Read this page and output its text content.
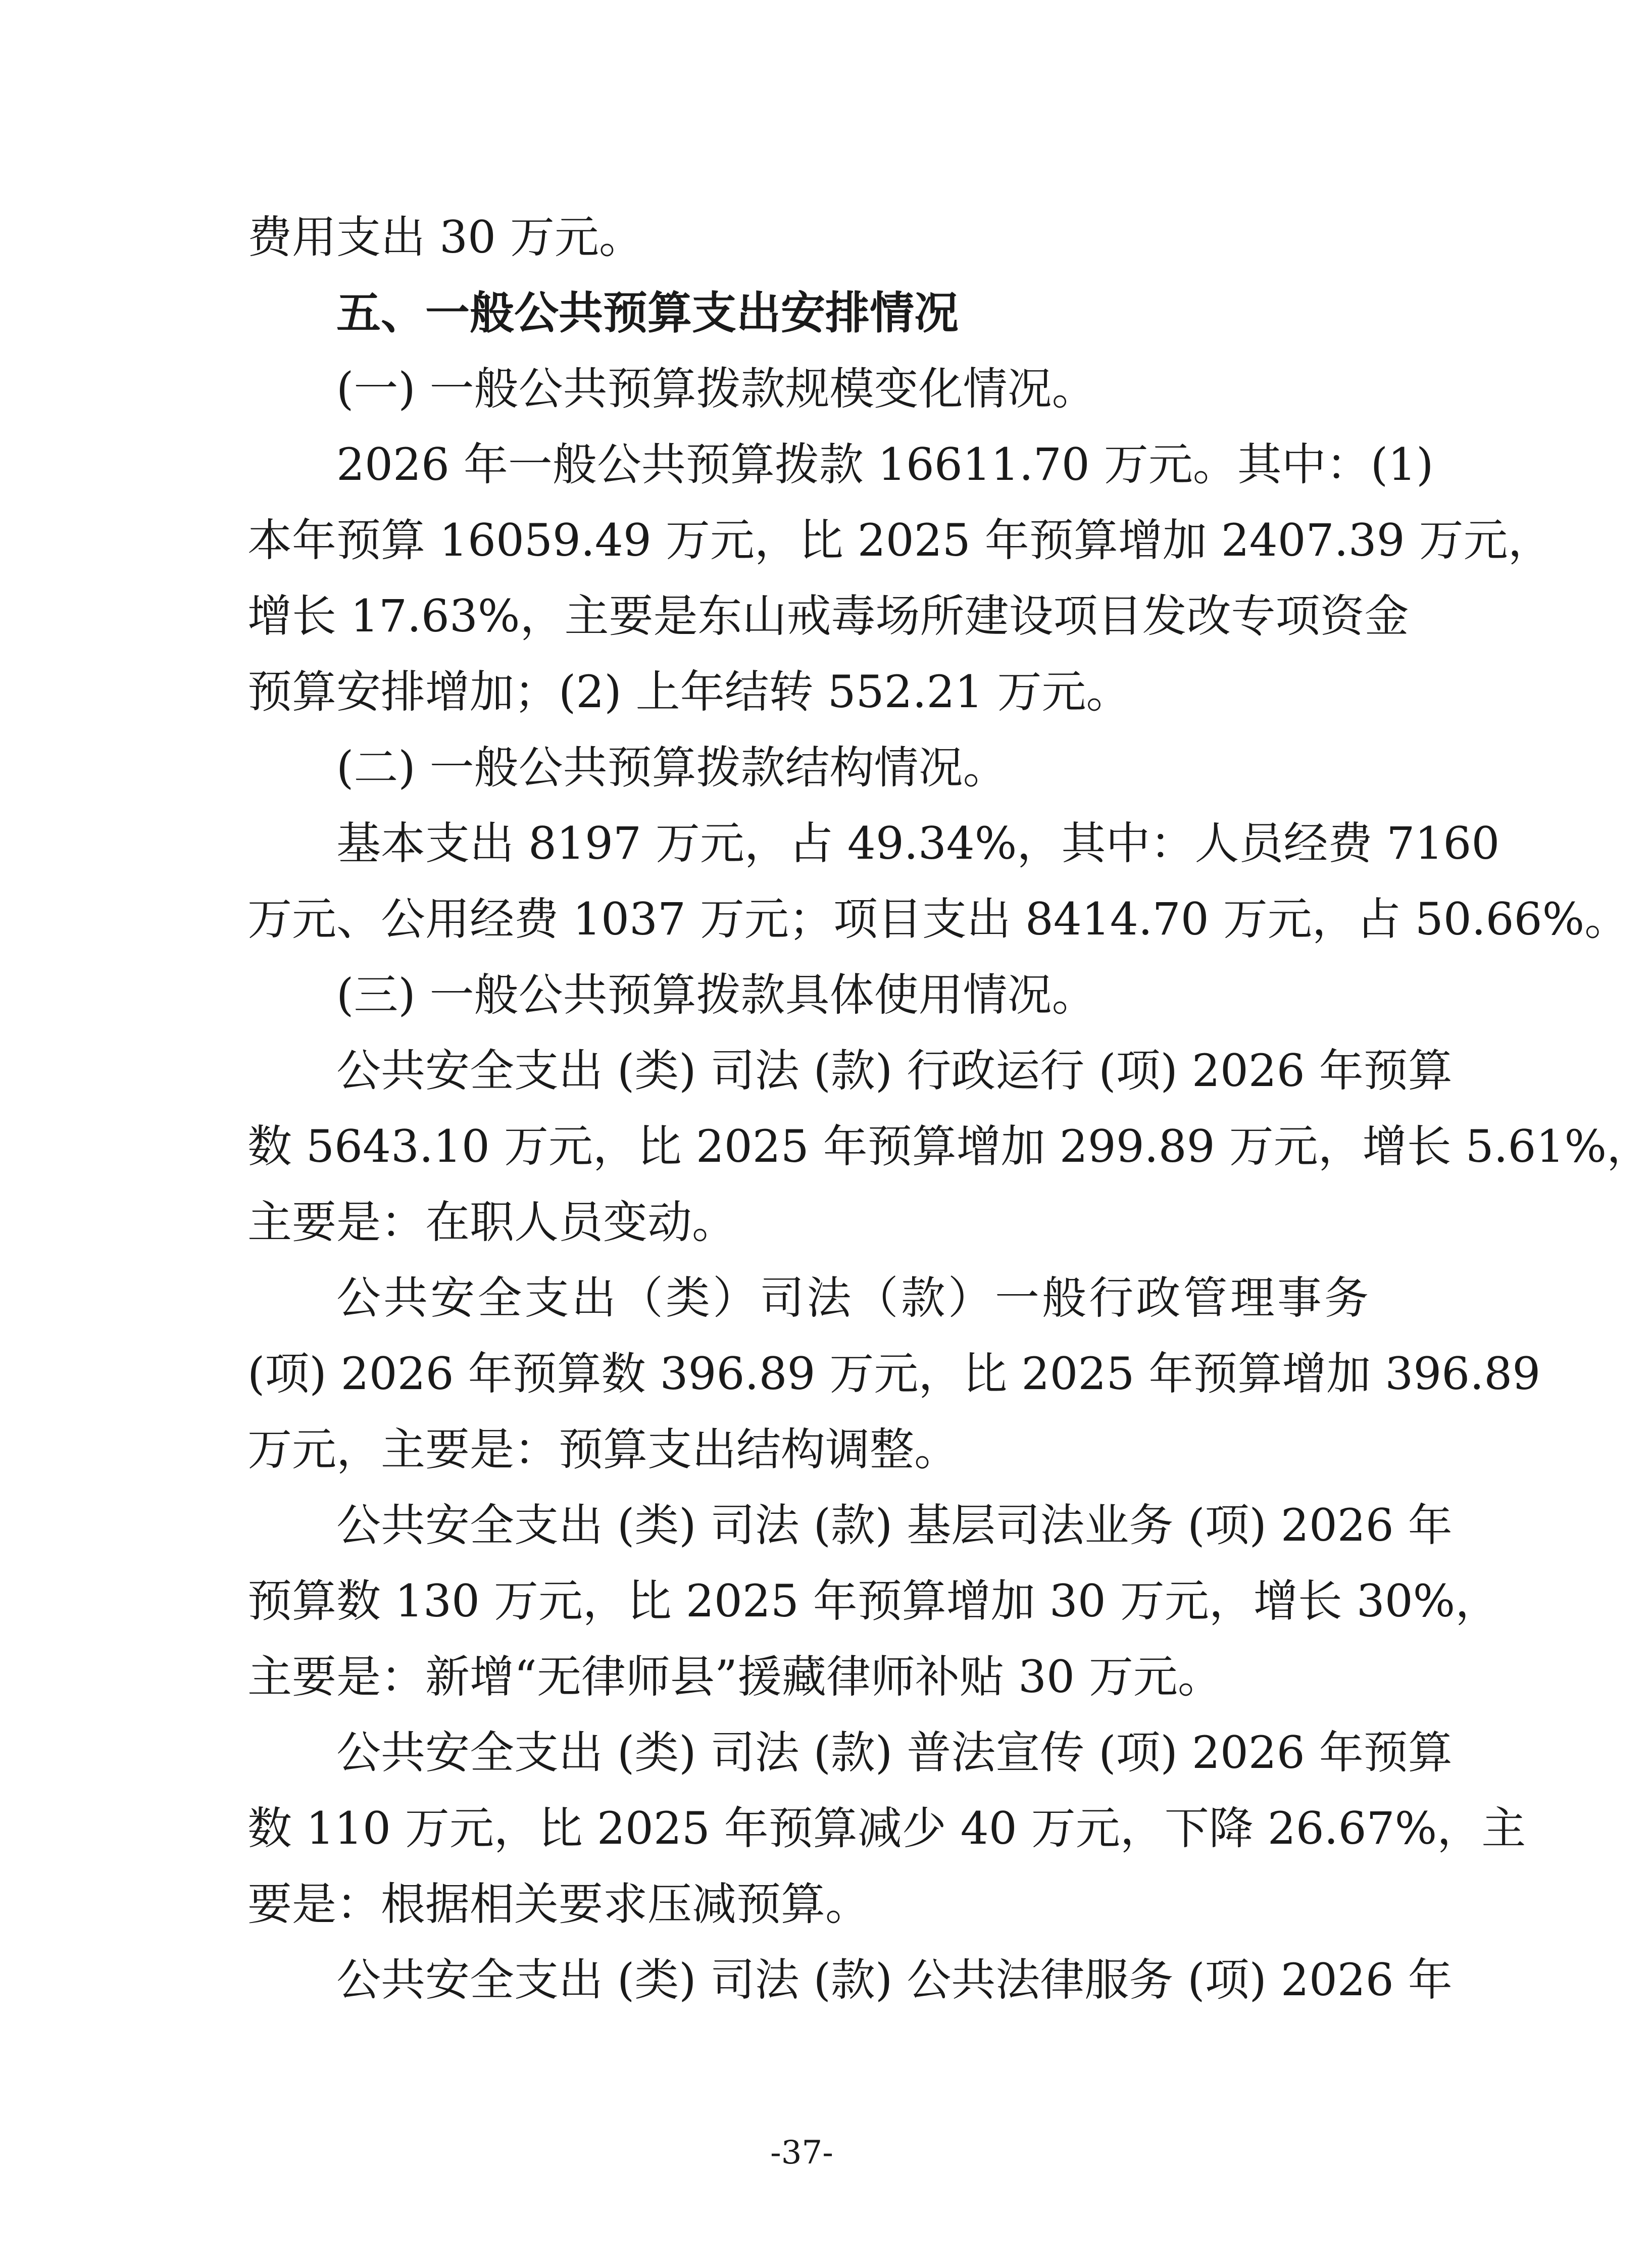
费用支出 30 万元。
五、一般公共预算支出安排情况
(一) 一般公共预算拨款规模变化情况。
2026 年一般公共预算拨款 16611.70 万元。其中：(1)
本年预算 16059.49 万元，比 2025 年预算增加 2407.39 万元，
增长 17.63%，主要是东山戒毒场所建设项目发改专项资金
预算安排增加；(2) 上年结转 552.21 万元。
(二) 一般公共预算拨款结构情况。
基本支出 8197 万元，占 49.34%，其中：人员经费 7160
万元、公用经费 1037 万元；项目支出 8414.70 万元，占 50.66%。
(三) 一般公共预算拨款具体使用情况。
公共安全支出 (类) 司法 (款) 行政运行 (项) 2026 年预算
数 5643.10 万元，比 2025 年预算增加 299.89 万元，增长 5.61%，
主要是：在职人员变动。
公共安全支出（类）司法（款）一般行政管理事务
(项) 2026 年预算数 396.89 万元，比 2025 年预算增加 396.89
万元，主要是：预算支出结构调整。
公共安全支出 (类) 司法 (款) 基层司法业务 (项) 2026 年
预算数 130 万元，比 2025 年预算增加 30 万元，增长 30%，
主要是：新增“无律师县”援藏律师补贴 30 万元。
公共安全支出 (类) 司法 (款) 普法宣传 (项) 2026 年预算
数 110 万元，比 2025 年预算减少 40 万元，下降 26.67%，主
要是：根据相关要求压减预算。
公共安全支出 (类) 司法 (款) 公共法律服务 (项) 2026 年
-37-
